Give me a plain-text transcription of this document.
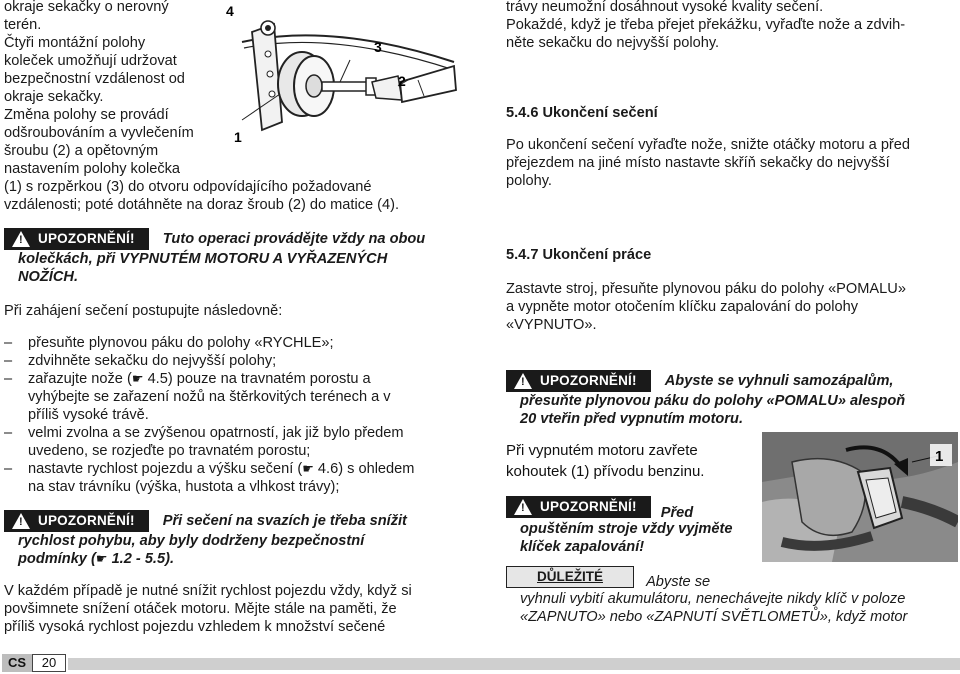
okraje sekačky o nerovný
terén.
Čtyři montážní polohy
koleček umožňují udržovat
bezpečnostní vzdálenost od
okraje sekačky.
Změna polohy se provádí
odšroubováním a vyvlečením
šroubu (2) a opětovným
nastavením polohy kolečka
(1) s rozpěrkou (3) do otvoru odpovídajícího požadované
vzdálenosti; poté dotáhněte na doraz šroub (2) do matice (4).
4
3
2
1
!
UPOZORNĚNÍ! Tuto operaci provádějte vždy na obou
kolečkách, při VYPNUTÉM MOTORU A VYŘAZENÝCH
NOŽÍCH.
Při zahájení sečení postupujte následovně:
– přesuňte plynovou páku do polohy «RYCHLE»;
– zdvihněte sekačku do nejvyšší polohy;
– zařazujte nože (☛ 4.5) pouze na travnatém porostu a
vyhýbejte se zařazení nožů na štěrkovitých terénech a v
příliš vysoké trávě.
– velmi zvolna a se zvýšenou opatrností, jak již bylo předem
uvedeno, se rozjeďte po travnatém porostu;
– nastavte rychlost pojezdu a výšku sečení (☛ 4.6) s ohledem
na stav trávníku (výška, hustota a vlhkost trávy);
!
UPOZORNĚNÍ! Při sečení na svazích je třeba snížit
rychlost pohybu, aby byly dodrženy bezpečnostní
podmínky (☛ 1.2 - 5.5).
V každém případě je nutné snížit rychlost pojezdu vždy, když si
povšimnete snížení otáček motoru. Mějte stále na paměti, že
příliš vysoká rychlost pojezdu vzhledem k množství sečené
trávy neumožní dosáhnout vysoké kvality sečení.
Pokaždé, když je třeba přejet překážku, vyřaďte nože a zdvih-
něte sekačku do nejvyšší polohy.
5.4.6 Ukončení sečení
Po ukončení sečení vyřaďte nože, snižte otáčky motoru a před
přejezdem na jiné místo nastavte skříň sekačky do nejvyšší
polohy.
5.4.7 Ukončení práce
Zastavte stroj, přesuňte plynovou páku do polohy «POMALU»
a vypněte motor otočením klíčku zapalování do polohy
«VYPNUTO».
!
UPOZORNĚNÍ! Abyste se vyhnuli samozápalům,
přesuňte plynovou páku do polohy «POMALU» alespoň
20 vteřin před vypnutím motoru.
Při vypnutém motoru zavřete
kohoutek (1) přívodu benzinu.
1
!
UPOZORNĚNÍ! Před
opuštěním stroje vždy vyjměte
klíček zapalování!
DŮLEŽITÉ	Abyste se
vyhnuli vybití akumulátoru, nenechávejte nikdy klíč v poloze
«ZAPNUTO» nebo «ZAPNUTÍ SVĚTLOMETŮ», když motor
CS	20
